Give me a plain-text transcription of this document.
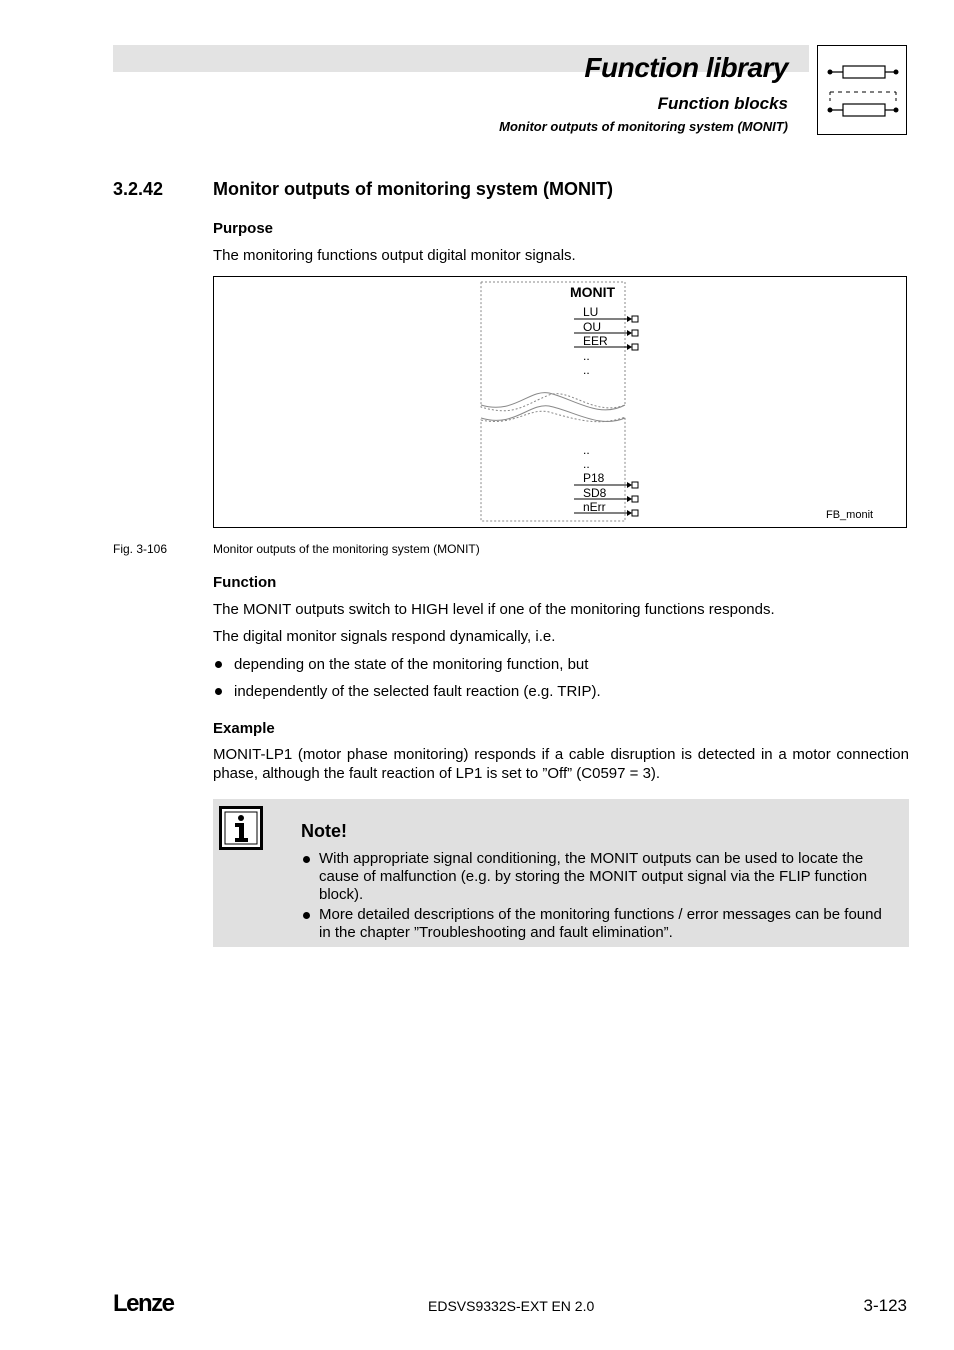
Function library
Function blocks
Monitor outputs of monitoring system (MONIT)
3.2.42	Monitor outputs of monitoring system (MONIT)
Purpose
The monitoring functions output digital monitor signals.
MONIT
LU
OU
EER
..
..
..
..
P18
SD8
nErr
FB_monit
Fig. 3-106	Monitor outputs of the monitoring system (MONIT)
Function
The MONIT outputs switch to HIGH level if one of the monitoring functions responds.
The digital monitor signals respond dynamically, i.e.
depending on the state of the monitoring function, but
independently of the selected fault reaction (e.g. TRIP).
Example
MONIT-LP1 (motor phase monitoring) responds if a cable disruption is detected in a motor connection phase, although the fault reaction of LP1 is set to ”Off” (C0597 = 3).
Note!
With appropriate signal conditioning, the MONIT outputs can be used to locate the cause of malfunction (e.g. by storing the MONIT output signal via the FLIP function block).
More detailed descriptions of the monitoring functions / error messages can be found in the chapter ”Troubleshooting and fault elimination”.
Lenze	EDSVS9332S-EXT EN 2.0	3-123
